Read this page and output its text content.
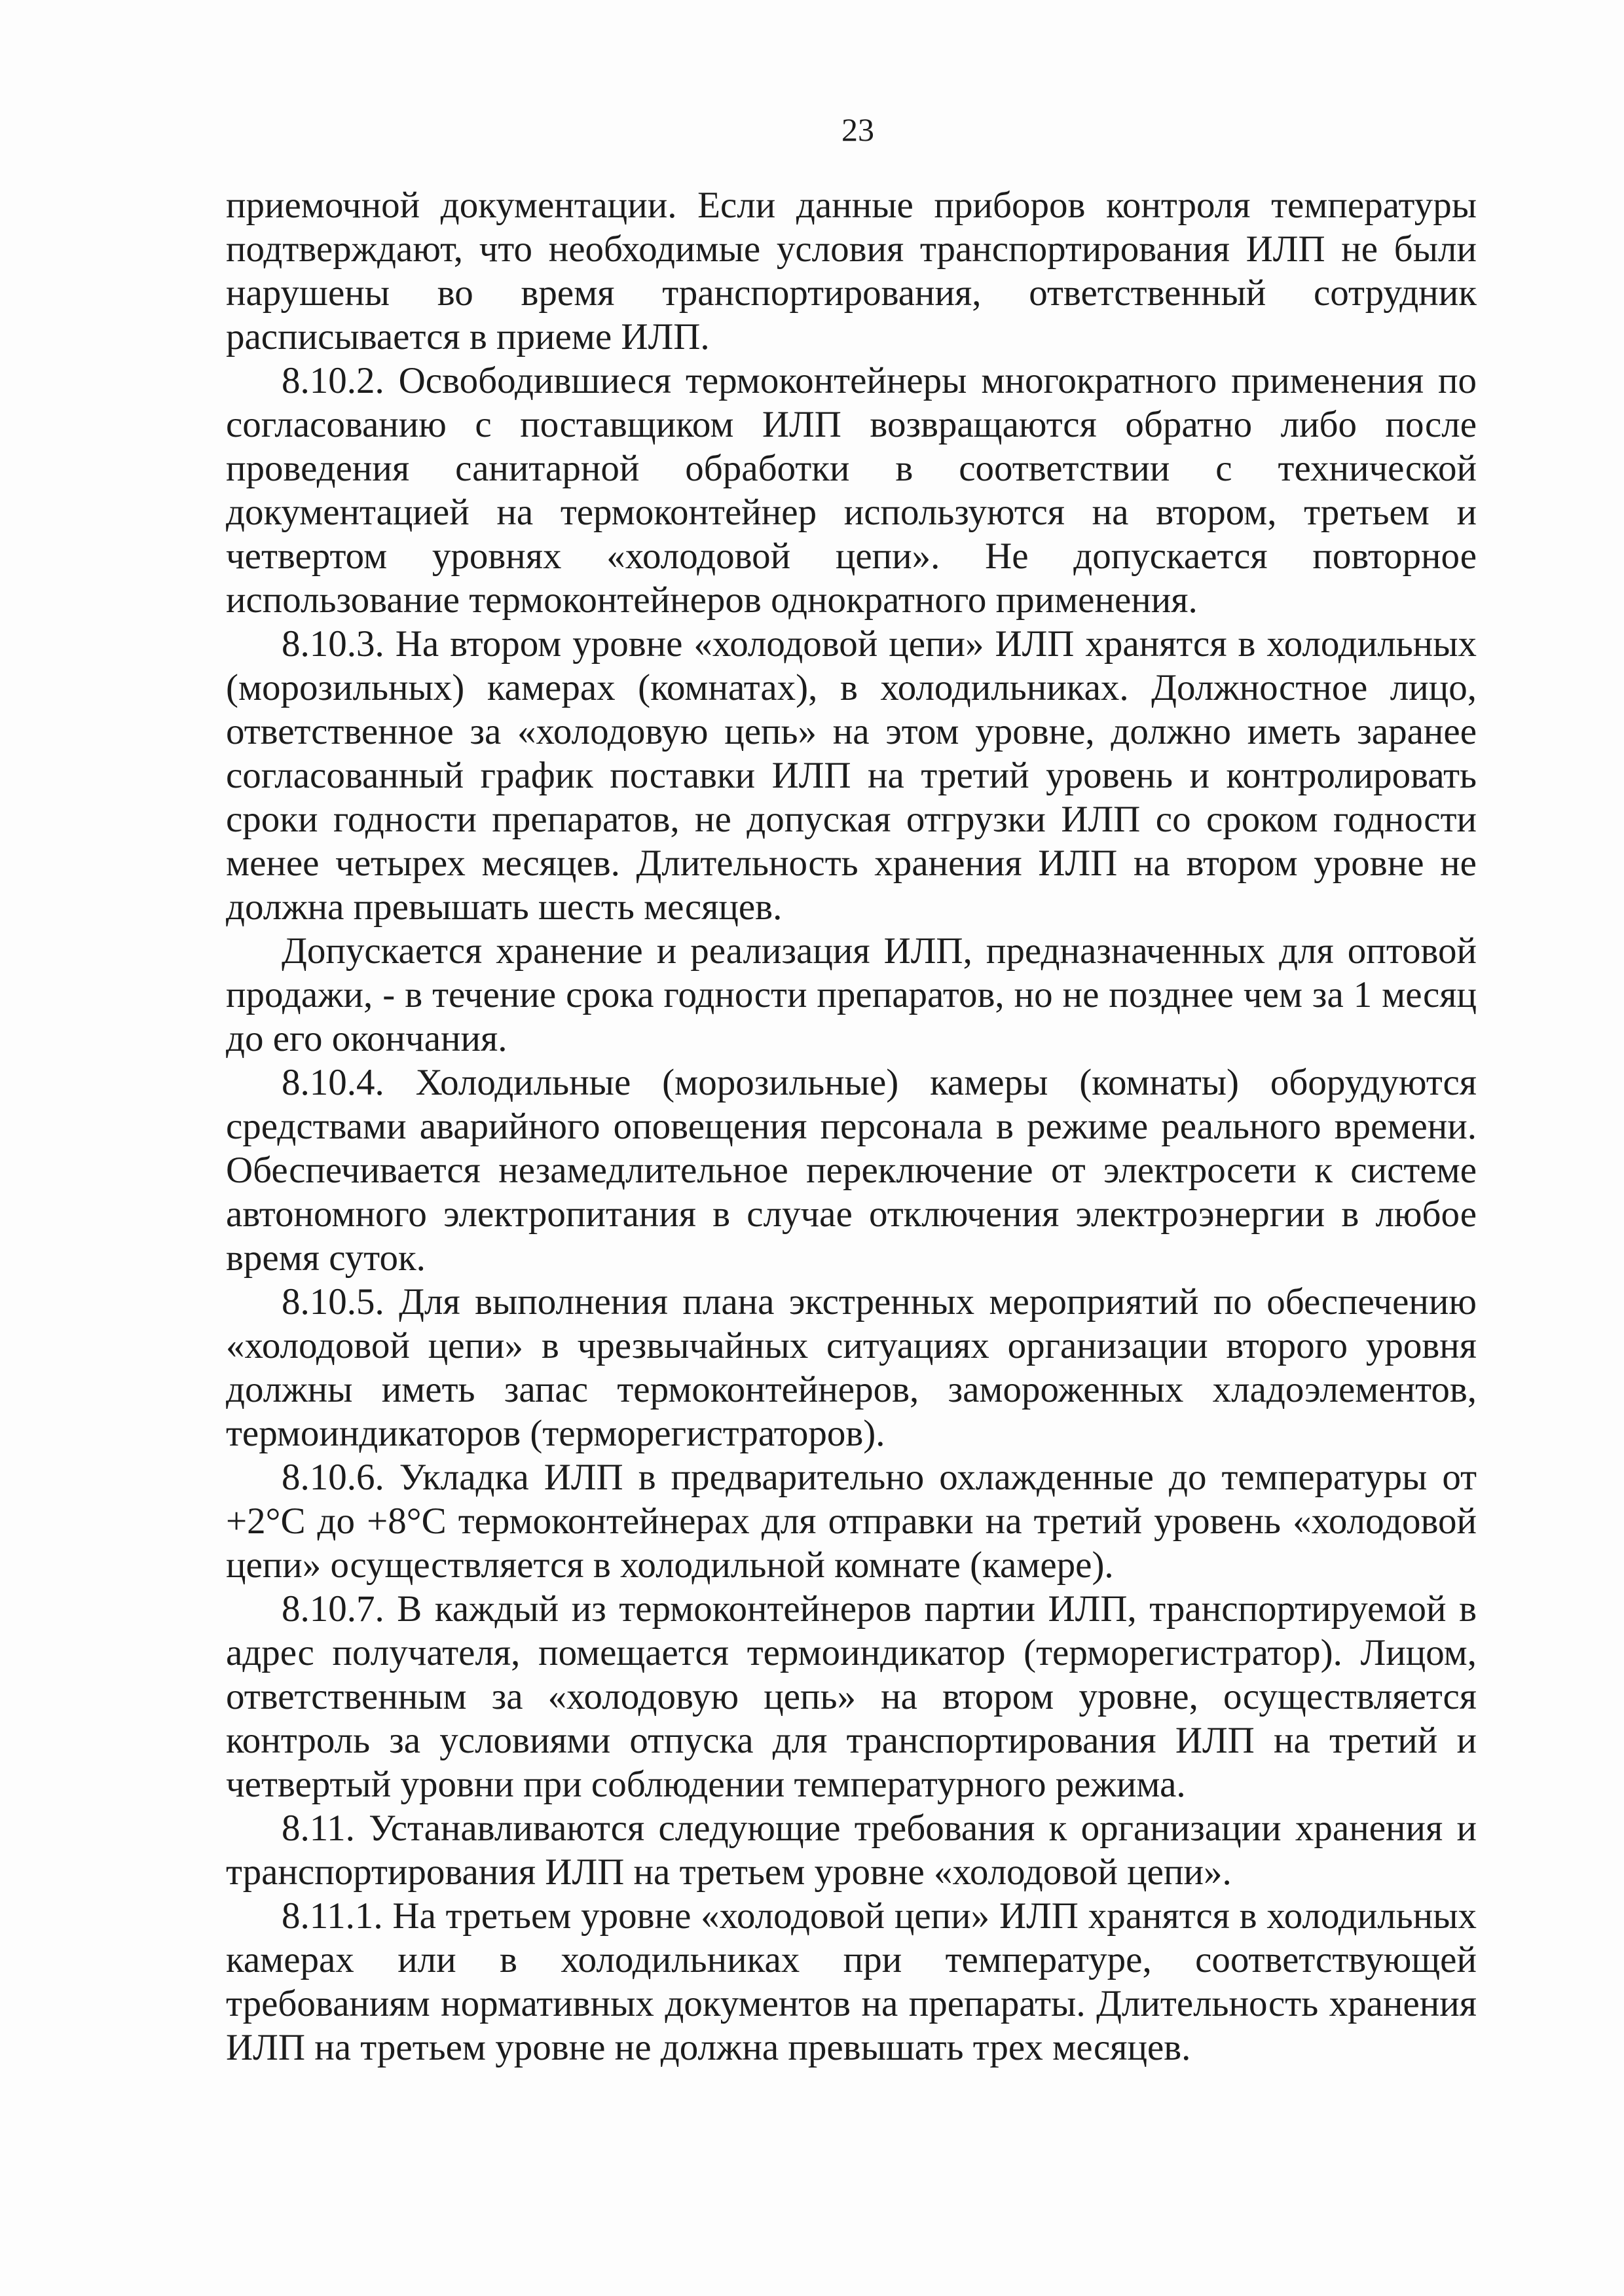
23

приемочной документации. Если данные приборов контроля температуры подтверждают, что необходимые условия транспортирования ИЛП не были нарушены во время транспортирования, ответственный сотрудник расписывается в приеме ИЛП.

8.10.2. Освободившиеся термоконтейнеры многократного применения по согласованию с поставщиком ИЛП возвращаются обратно либо после проведения санитарной обработки в соответствии с технической документацией на термоконтейнер используются на втором, третьем и четвертом уровнях «холодовой цепи». Не допускается повторное использование термоконтейнеров однократного применения.

8.10.3. На втором уровне «холодовой цепи» ИЛП хранятся в холодильных (морозильных) камерах (комнатах), в холодильниках. Должностное лицо, ответственное за «холодовую цепь» на этом уровне, должно иметь заранее согласованный график поставки ИЛП на третий уровень и контролировать сроки годности препаратов, не допуская отгрузки ИЛП со сроком годности менее четырех месяцев. Длительность хранения ИЛП на втором уровне не должна превышать шесть месяцев.

Допускается хранение и реализация ИЛП, предназначенных для оптовой продажи, - в течение срока годности препаратов, но не позднее чем за 1 месяц до его окончания.

8.10.4. Холодильные (морозильные) камеры (комнаты) оборудуются средствами аварийного оповещения персонала в режиме реального времени. Обеспечивается незамедлительное переключение от электросети к системе автономного электропитания в случае отключения электроэнергии в любое время суток.

8.10.5. Для выполнения плана экстренных мероприятий по обеспечению «холодовой цепи» в чрезвычайных ситуациях организации второго уровня должны иметь запас термоконтейнеров, замороженных хладоэлементов, термоиндикаторов (терморегистраторов).

8.10.6. Укладка ИЛП в предварительно охлажденные до температуры от +2°С до +8°С термоконтейнерах для отправки на третий уровень «холодовой цепи» осуществляется в холодильной комнате (камере).

8.10.7. В каждый из термоконтейнеров партии ИЛП, транспортируемой в адрес получателя, помещается термоиндикатор (терморегистратор). Лицом, ответственным за «холодовую цепь» на втором уровне, осуществляется контроль за условиями отпуска для транспортирования ИЛП на третий и четвертый уровни при соблюдении температурного режима.

8.11. Устанавливаются следующие требования к организации хранения и транспортирования ИЛП на третьем уровне «холодовой цепи».

8.11.1. На третьем уровне «холодовой цепи» ИЛП хранятся в холодильных камерах или в холодильниках при температуре, соответствующей требованиям нормативных документов на препараты. Длительность хранения ИЛП на третьем уровне не должна превышать трех месяцев.
